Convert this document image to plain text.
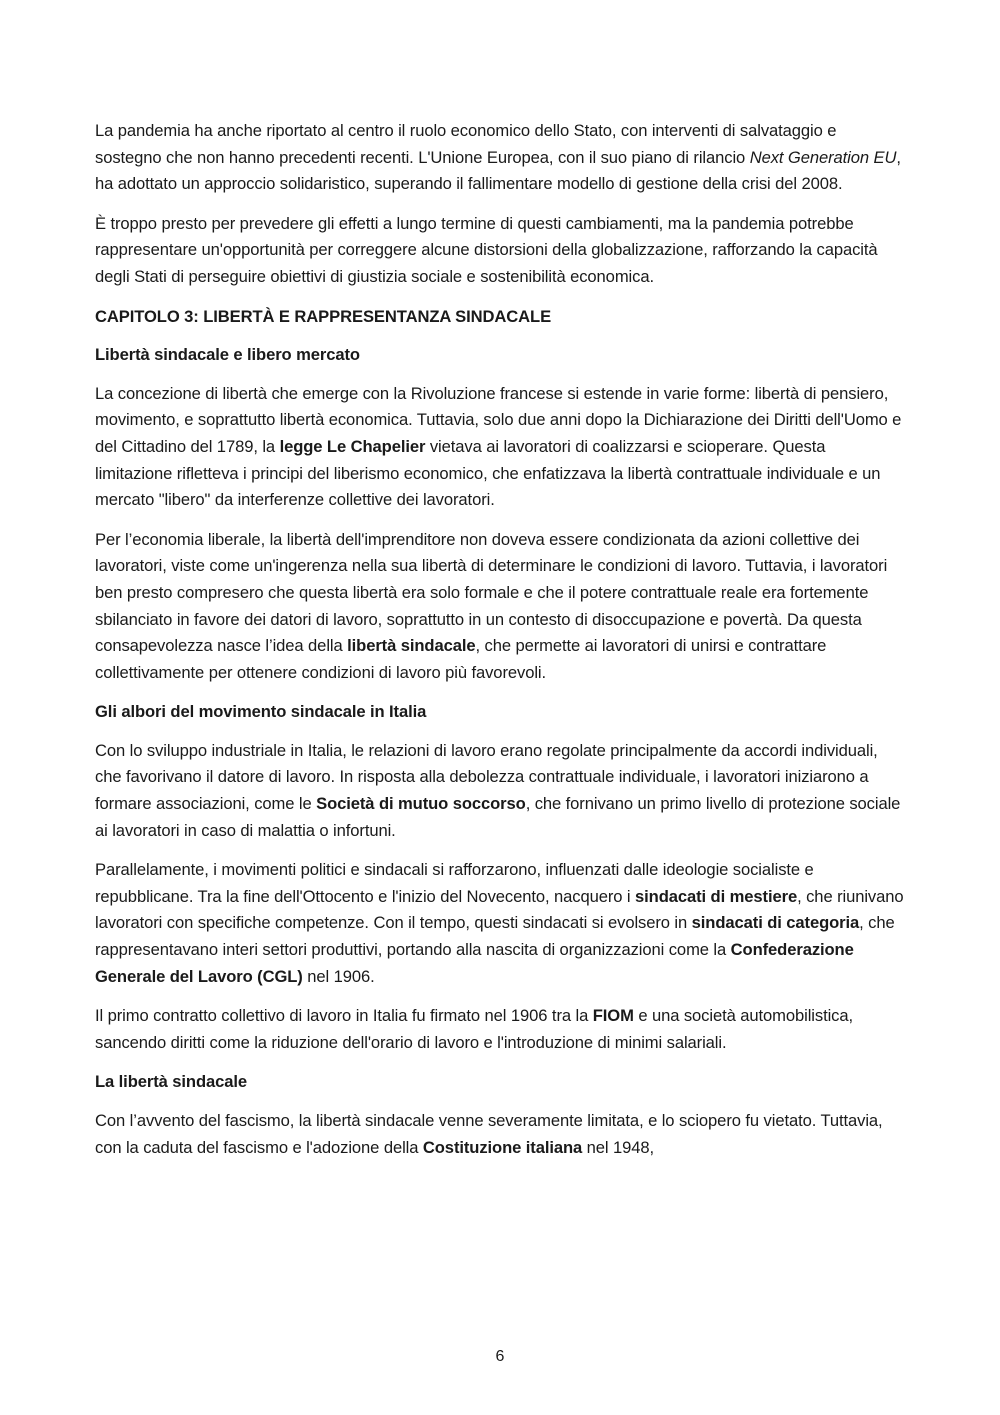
La pandemia ha anche riportato al centro il ruolo economico dello Stato, con interventi di salvataggio e sostegno che non hanno precedenti recenti. L'Unione Europea, con il suo piano di rilancio Next Generation EU, ha adottato un approccio solidaristico, superando il fallimentare modello di gestione della crisi del 2008.

È troppo presto per prevedere gli effetti a lungo termine di questi cambiamenti, ma la pandemia potrebbe rappresentare un'opportunità per correggere alcune distorsioni della globalizzazione, rafforzando la capacità degli Stati di perseguire obiettivi di giustizia sociale e sostenibilità economica.

CAPITOLO 3: LIBERTÀ E RAPPRESENTANZA SINDACALE
Libertà sindacale e libero mercato

La concezione di libertà che emerge con la Rivoluzione francese si estende in varie forme: libertà di pensiero, movimento, e soprattutto libertà economica. Tuttavia, solo due anni dopo la Dichiarazione dei Diritti dell'Uomo e del Cittadino del 1789, la legge Le Chapelier vietava ai lavoratori di coalizzarsi e scioperare. Questa limitazione rifletteva i principi del liberismo economico, che enfatizzava la libertà contrattuale individuale e un mercato "libero" da interferenze collettive dei lavoratori.

Per l’economia liberale, la libertà dell'imprenditore non doveva essere condizionata da azioni collettive dei lavoratori, viste come un'ingerenza nella sua libertà di determinare le condizioni di lavoro. Tuttavia, i lavoratori ben presto compresero che questa libertà era solo formale e che il potere contrattuale reale era fortemente sbilanciato in favore dei datori di lavoro, soprattutto in un contesto di disoccupazione e povertà. Da questa consapevolezza nasce l’idea della libertà sindacale, che permette ai lavoratori di unirsi e contrattare collettivamente per ottenere condizioni di lavoro più favorevoli.

Gli albori del movimento sindacale in Italia

Con lo sviluppo industriale in Italia, le relazioni di lavoro erano regolate principalmente da accordi individuali, che favorivano il datore di lavoro. In risposta alla debolezza contrattuale individuale, i lavoratori iniziarono a formare associazioni, come le Società di mutuo soccorso, che fornivano un primo livello di protezione sociale ai lavoratori in caso di malattia o infortuni.

Parallelamente, i movimenti politici e sindacali si rafforzarono, influenzati dalle ideologie socialiste e repubblicane. Tra la fine dell'Ottocento e l'inizio del Novecento, nacquero i sindacati di mestiere, che riunivano lavoratori con specifiche competenze. Con il tempo, questi sindacati si evolsero in sindacati di categoria, che rappresentavano interi settori produttivi, portando alla nascita di organizzazioni come la Confederazione Generale del Lavoro (CGL) nel 1906.

Il primo contratto collettivo di lavoro in Italia fu firmato nel 1906 tra la FIOM e una società automobilistica, sancendo diritti come la riduzione dell'orario di lavoro e l'introduzione di minimi salariali.

La libertà sindacale

Con l’avvento del fascismo, la libertà sindacale venne severamente limitata, e lo sciopero fu vietato. Tuttavia, con la caduta del fascismo e l'adozione della Costituzione italiana nel 1948,

6
